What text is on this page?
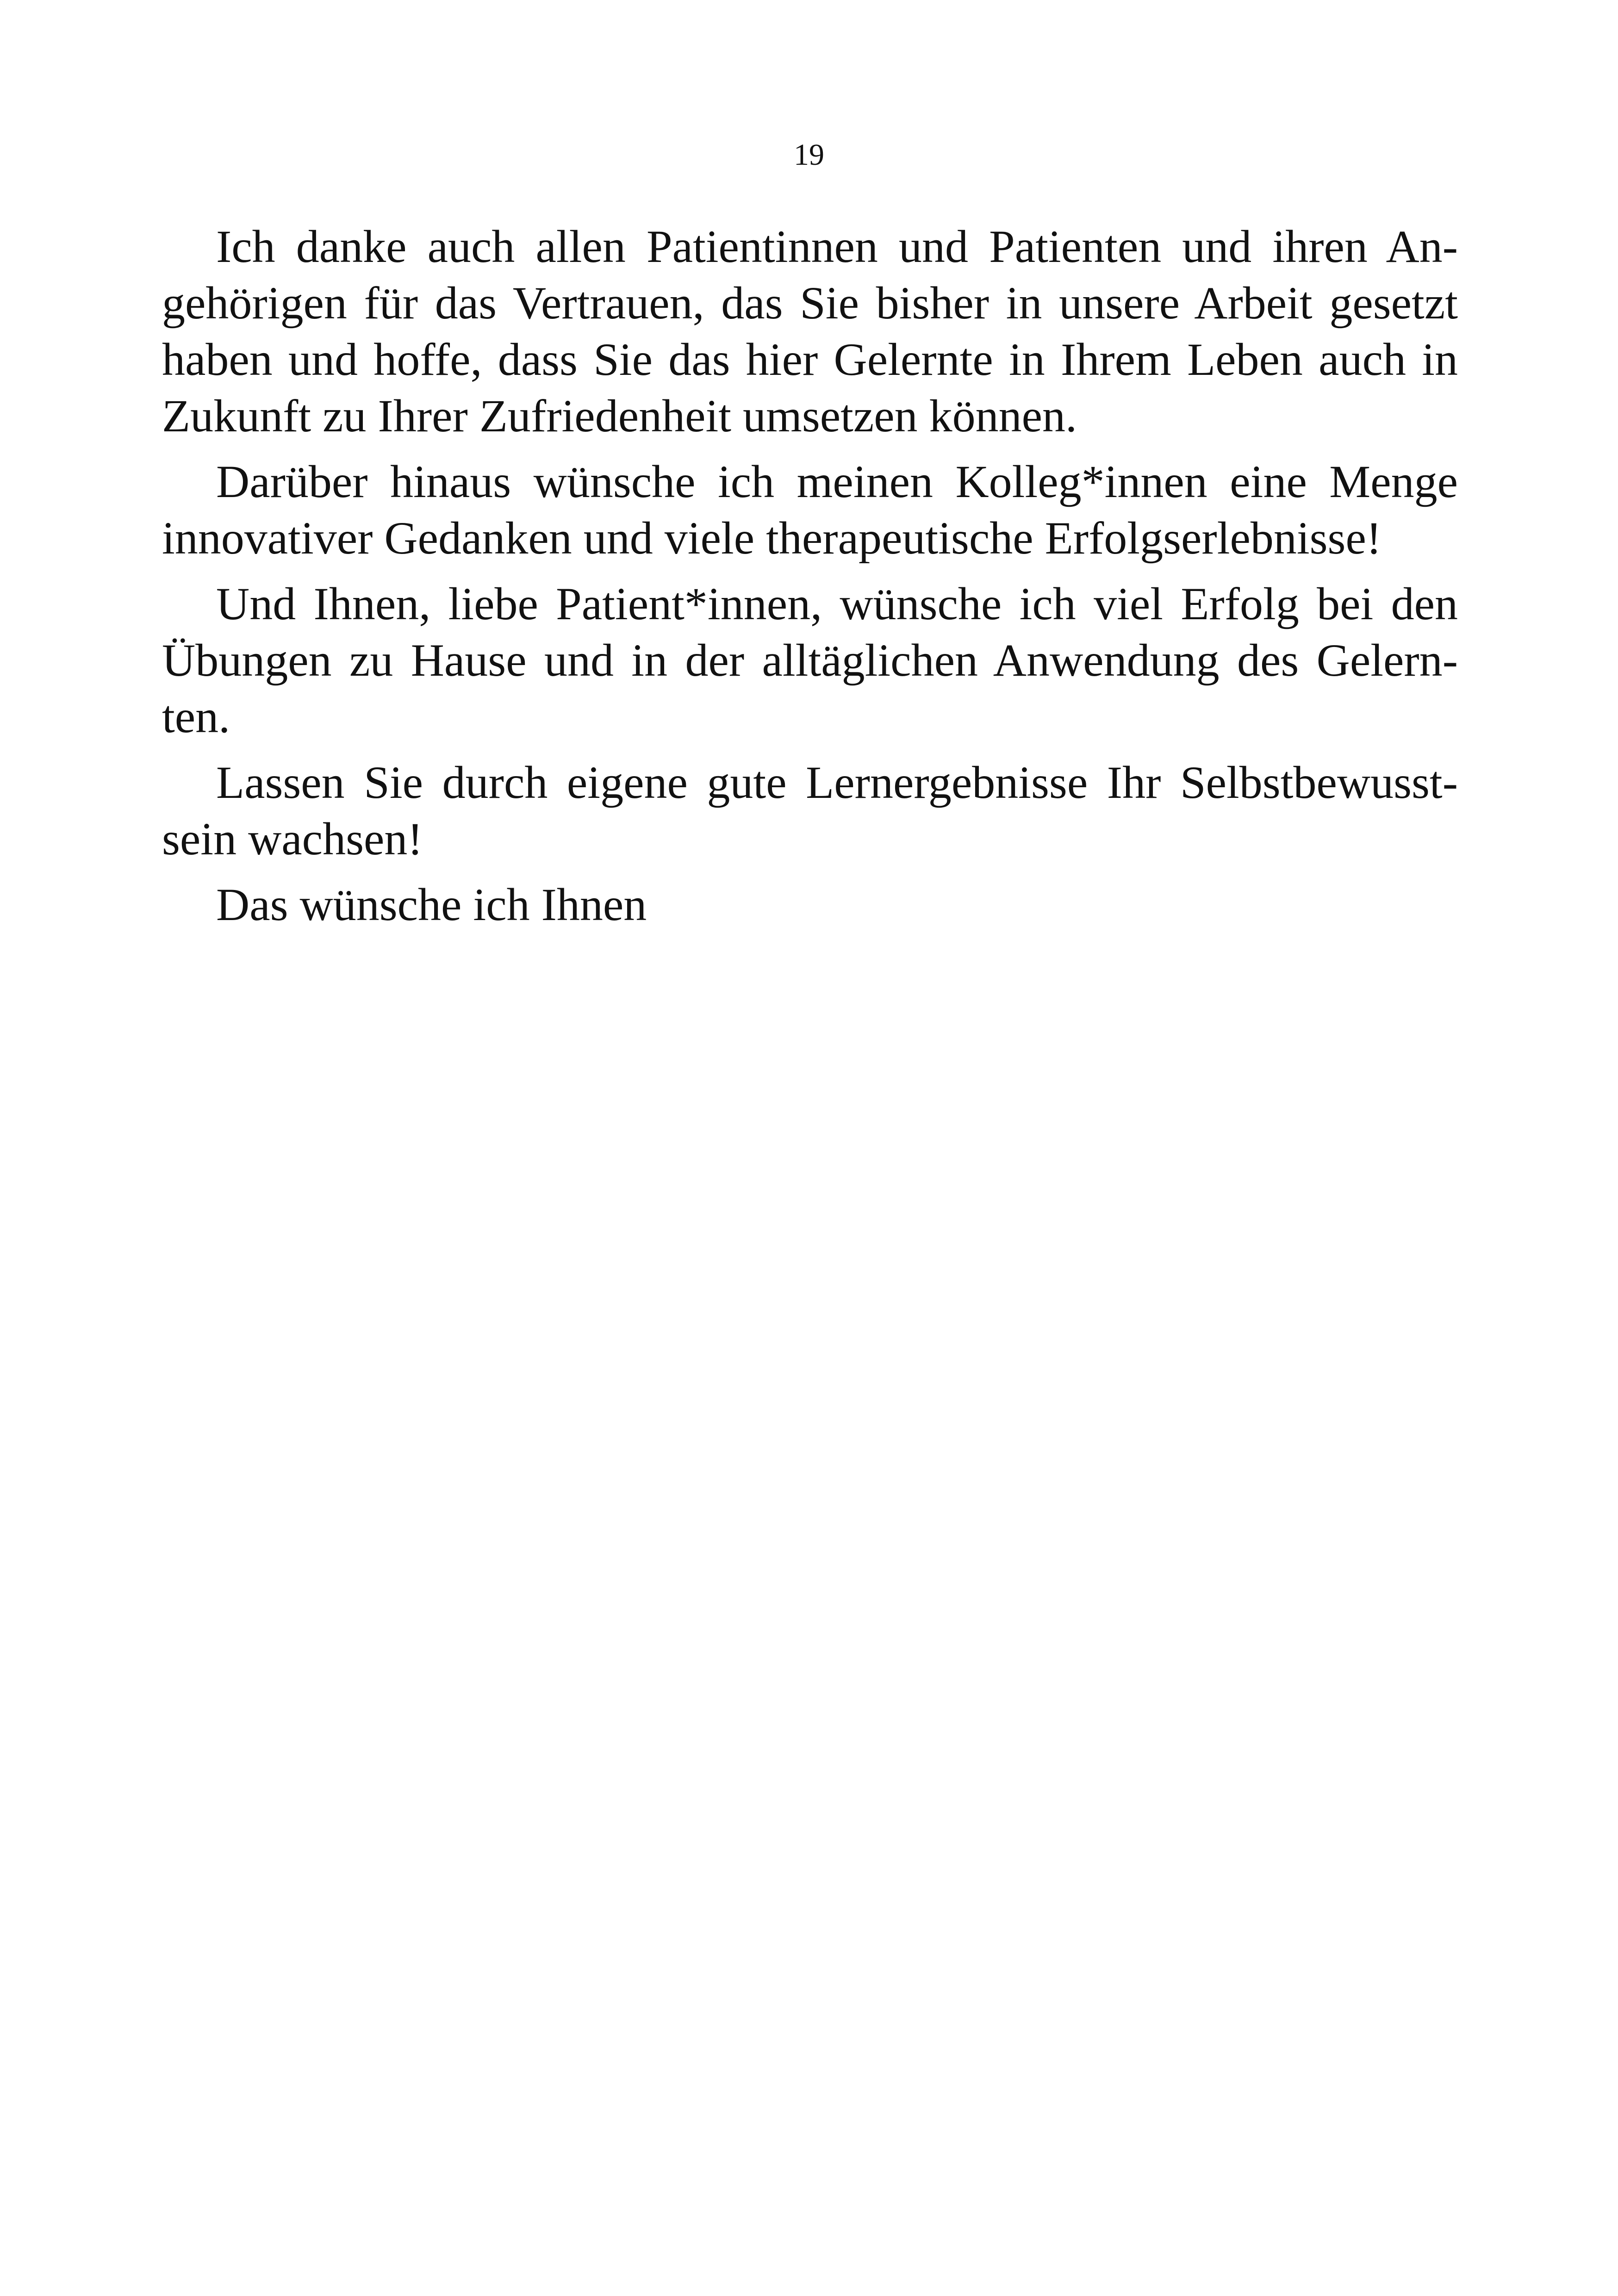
19

Ich danke auch allen Patientinnen und Patienten und ihren An-
gehörigen für das Vertrauen, das Sie bisher in unsere Arbeit gesetzt
haben und hoffe, dass Sie das hier Gelernte in Ihrem Leben auch in
Zukunft zu Ihrer Zufriedenheit umsetzen können.

Darüber hinaus wünsche ich meinen Kolleg*innen eine Menge
innovativer Gedanken und viele therapeutische Erfolgserlebnisse!

Und Ihnen, liebe Patient*innen, wünsche ich viel Erfolg bei den
Übungen zu Hause und in der alltäglichen Anwendung des Gelern-
ten.

Lassen Sie durch eigene gute Lernergebnisse Ihr Selbstbewusst-
sein wachsen!

Das wünsche ich Ihnen
